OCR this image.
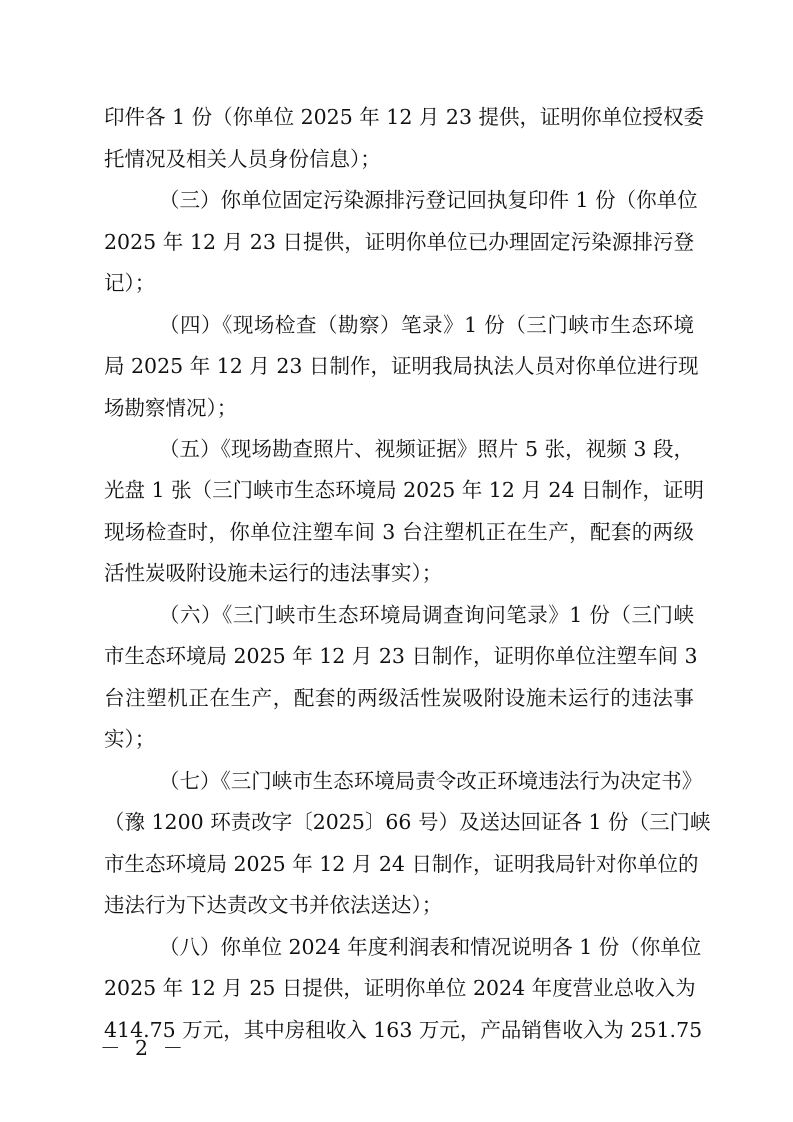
印件各 1 份（你单位 2025 年 12 月 23 提供，证明你单位授权委
托情况及相关人员身份信息）；
（三）你单位固定污染源排污登记回执复印件 1 份（你单位
2025 年 12 月 23 日提供，证明你单位已办理固定污染源排污登
记）；
（四）《现场检查（勘察）笔录》1 份（三门峡市生态环境
局 2025 年 12 月 23 日制作，证明我局执法人员对你单位进行现
场勘察情况）；
（五）《现场勘查照片、视频证据》照片 5 张，视频 3 段，
光盘 1 张（三门峡市生态环境局 2025 年 12 月 24 日制作，证明
现场检查时，你单位注塑车间 3 台注塑机正在生产，配套的两级
活性炭吸附设施未运行的违法事实）；
（六）《三门峡市生态环境局调查询问笔录》1 份（三门峡
市生态环境局 2025 年 12 月 23 日制作，证明你单位注塑车间 3
台注塑机正在生产，配套的两级活性炭吸附设施未运行的违法事
实）；
（七）《三门峡市生态环境局责令改正环境违法行为决定书》
（豫 1200 环责改字〔2025〕66 号）及送达回证各 1 份（三门峡
市生态环境局 2025 年 12 月 24 日制作，证明我局针对你单位的
违法行为下达责改文书并依法送达）；
（八）你单位 2024 年度利润表和情况说明各 1 份（你单位
2025 年 12 月 25 日提供，证明你单位 2024 年度营业总收入为
414.75 万元，其中房租收入 163 万元，产品销售收入为 251.75
－ 2 －
